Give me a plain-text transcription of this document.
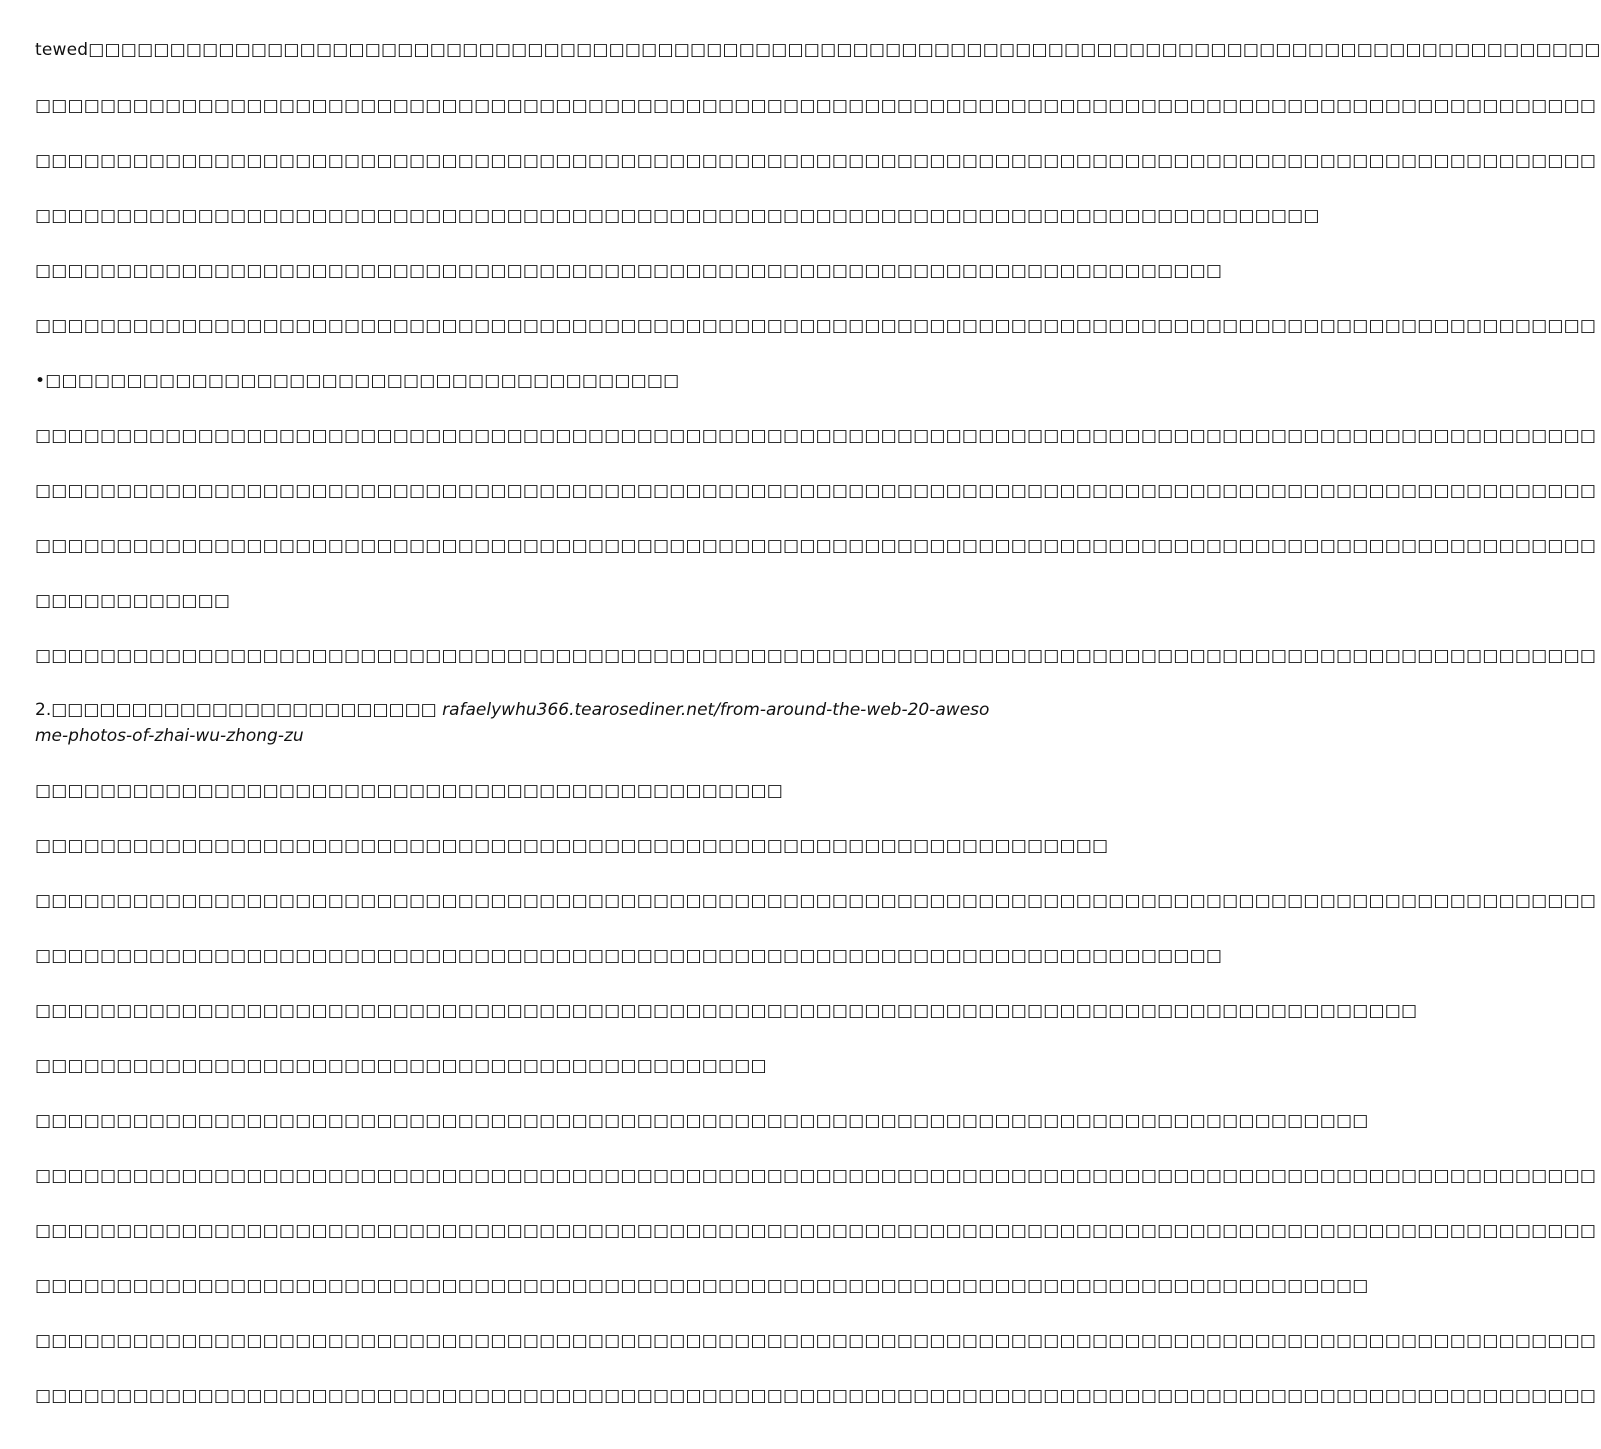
tewed□□□□□□□□□□□□□□□□□□□□□□□□□□□□□□□□□□□□□□□□□□□□□□□□□□□□□□□□□□□□□□□□□□□□□□□□□□□□□□□□□□□□□□□□□□□□□

□□□□□□□□□□□□□□□□□□□□□□□□□□□□□□□□□□□□□□□□□□□□□□□□□□□□□□□□□□□□□□□□□□□□□□□□□□□□□□□□□□□□□□□□□□□□□□□□

□□□□□□□□□□□□□□□□□□□□□□□□□□□□□□□□□□□□□□□□□□□□□□□□□□□□□□□□□□□□□□□□□□□□□□□□□□□□□□□□□□□□□□□□□□□□□□□□

□□□□□□□□□□□□□□□□□□□□□□□□□□□□□□□□□□□□□□□□□□□□□□□□□□□□□□□□□□□□□□□□□□□□□□□□□□□□□□□

□□□□□□□□□□□□□□□□□□□□□□□□□□□□□□□□□□□□□□□□□□□□□□□□□□□□□□□□□□□□□□□□□□□□□□□□□

□□□□□□□□□□□□□□□□□□□□□□□□□□□□□□□□□□□□□□□□□□□□□□□□□□□□□□□□□□□□□□□□□□□□□□□□□□□□□□□□□□□□□□□□□□□□□□□□

•□□□□□□□□□□□□□□□□□□□□□□□□□□□□□□□□□□□□□□□

□□□□□□□□□□□□□□□□□□□□□□□□□□□□□□□□□□□□□□□□□□□□□□□□□□□□□□□□□□□□□□□□□□□□□□□□□□□□□□□□□□□□□□□□□□□□□□□□

□□□□□□□□□□□□□□□□□□□□□□□□□□□□□□□□□□□□□□□□□□□□□□□□□□□□□□□□□□□□□□□□□□□□□□□□□□□□□□□□□□□□□□□□□□□□□□□□

□□□□□□□□□□□□□□□□□□□□□□□□□□□□□□□□□□□□□□□□□□□□□□□□□□□□□□□□□□□□□□□□□□□□□□□□□□□□□□□□□□□□□□□□□□□□□□□□

□□□□□□□□□□□□

□□□□□□□□□□□□□□□□□□□□□□□□□□□□□□□□□□□□□□□□□□□□□□□□□□□□□□□□□□□□□□□□□□□□□□□□□□□□□□□□□□□□□□□□□□□□□□□□

2.□□□□□□□□□□□□□□□□□□□□□□□□ rafaelywhu366.tearosediner.net/from-around-the-web-20-awesome-photos-of-zhai-wu-zhong-zu

□□□□□□□□□□□□□□□□□□□□□□□□□□□□□□□□□□□□□□□□□□□□□□

□□□□□□□□□□□□□□□□□□□□□□□□□□□□□□□□□□□□□□□□□□□□□□□□□□□□□□□□□□□□□□□□□□

□□□□□□□□□□□□□□□□□□□□□□□□□□□□□□□□□□□□□□□□□□□□□□□□□□□□□□□□□□□□□□□□□□□□□□□□□□□□□□□□□□□□□□□□□□□□□□□□

□□□□□□□□□□□□□□□□□□□□□□□□□□□□□□□□□□□□□□□□□□□□□□□□□□□□□□□□□□□□□□□□□□□□□□□□□

□□□□□□□□□□□□□□□□□□□□□□□□□□□□□□□□□□□□□□□□□□□□□□□□□□□□□□□□□□□□□□□□□□□□□□□□□□□□□□□□□□□□□

□□□□□□□□□□□□□□□□□□□□□□□□□□□□□□□□□□□□□□□□□□□□□

□□□□□□□□□□□□□□□□□□□□□□□□□□□□□□□□□□□□□□□□□□□□□□□□□□□□□□□□□□□□□□□□□□□□□□□□□□□□□□□□□□

□□□□□□□□□□□□□□□□□□□□□□□□□□□□□□□□□□□□□□□□□□□□□□□□□□□□□□□□□□□□□□□□□□□□□□□□□□□□□□□□□□□□□□□□□□□□□□□□

□□□□□□□□□□□□□□□□□□□□□□□□□□□□□□□□□□□□□□□□□□□□□□□□□□□□□□□□□□□□□□□□□□□□□□□□□□□□□□□□□□□□□□□□□□□□□□□□

□□□□□□□□□□□□□□□□□□□□□□□□□□□□□□□□□□□□□□□□□□□□□□□□□□□□□□□□□□□□□□□□□□□□□□□□□□□□□□□□□□

□□□□□□□□□□□□□□□□□□□□□□□□□□□□□□□□□□□□□□□□□□□□□□□□□□□□□□□□□□□□□□□□□□□□□□□□□□□□□□□□□□□□□□□□□□□□□□□□

□□□□□□□□□□□□□□□□□□□□□□□□□□□□□□□□□□□□□□□□□□□□□□□□□□□□□□□□□□□□□□□□□□□□□□□□□□□□□□□□□□□□□□□□□□□□□□□□
